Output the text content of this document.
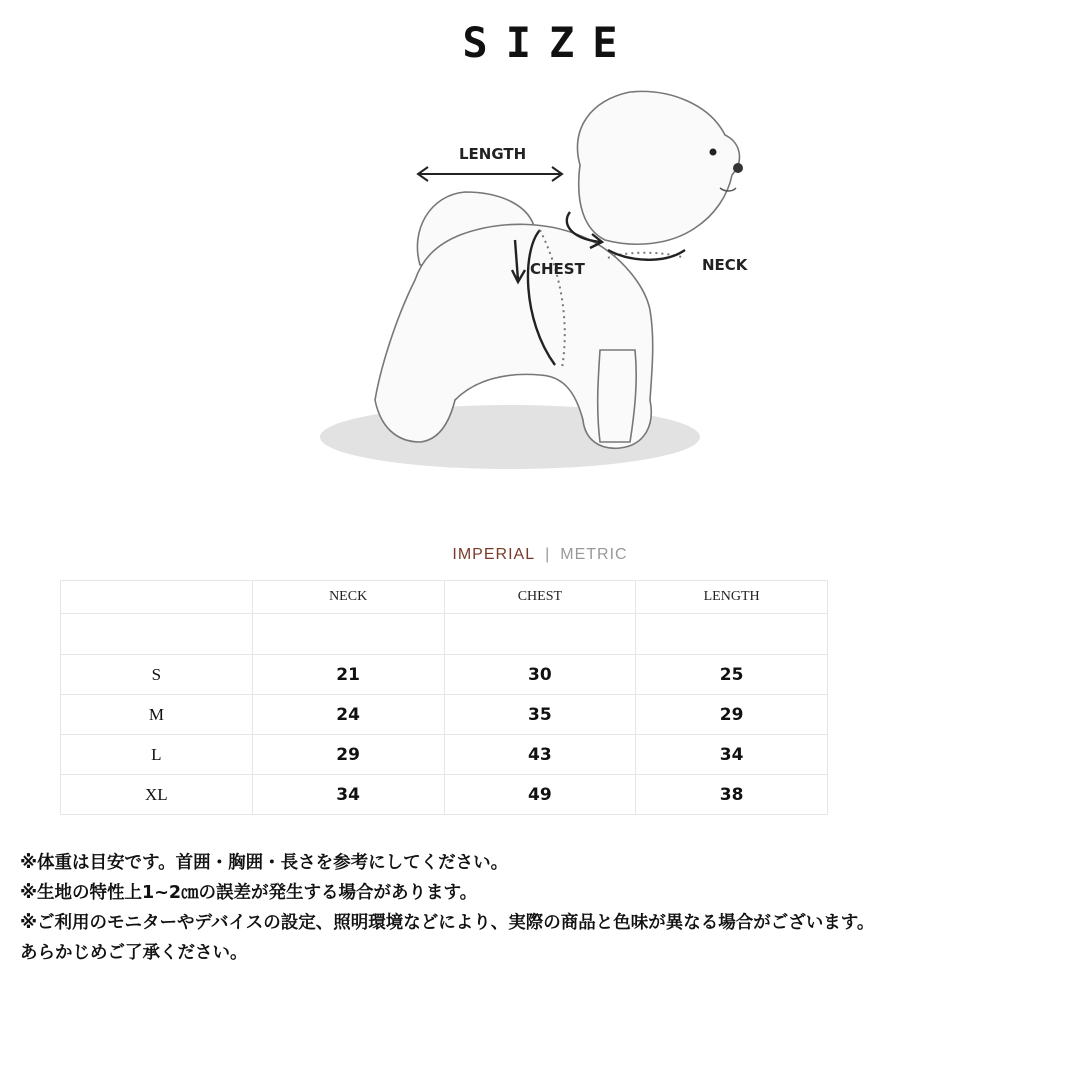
SIZE
LENGTH
NECK
CHEST
IMPERIAL | METRIC
	NECK	CHEST	LENGTH

S	21	30	25
M	24	35	29
L	29	43	34
XL	34	49	38
※体重は目安です。首囲・胸囲・長さを参考にしてください。
※生地の特性上1~2㎝の誤差が発生する場合があります。
※ご利用のモニターやデバイスの設定、照明環境などにより、実際の商品と色味が異なる場合がございます。
あらかじめご了承ください。
